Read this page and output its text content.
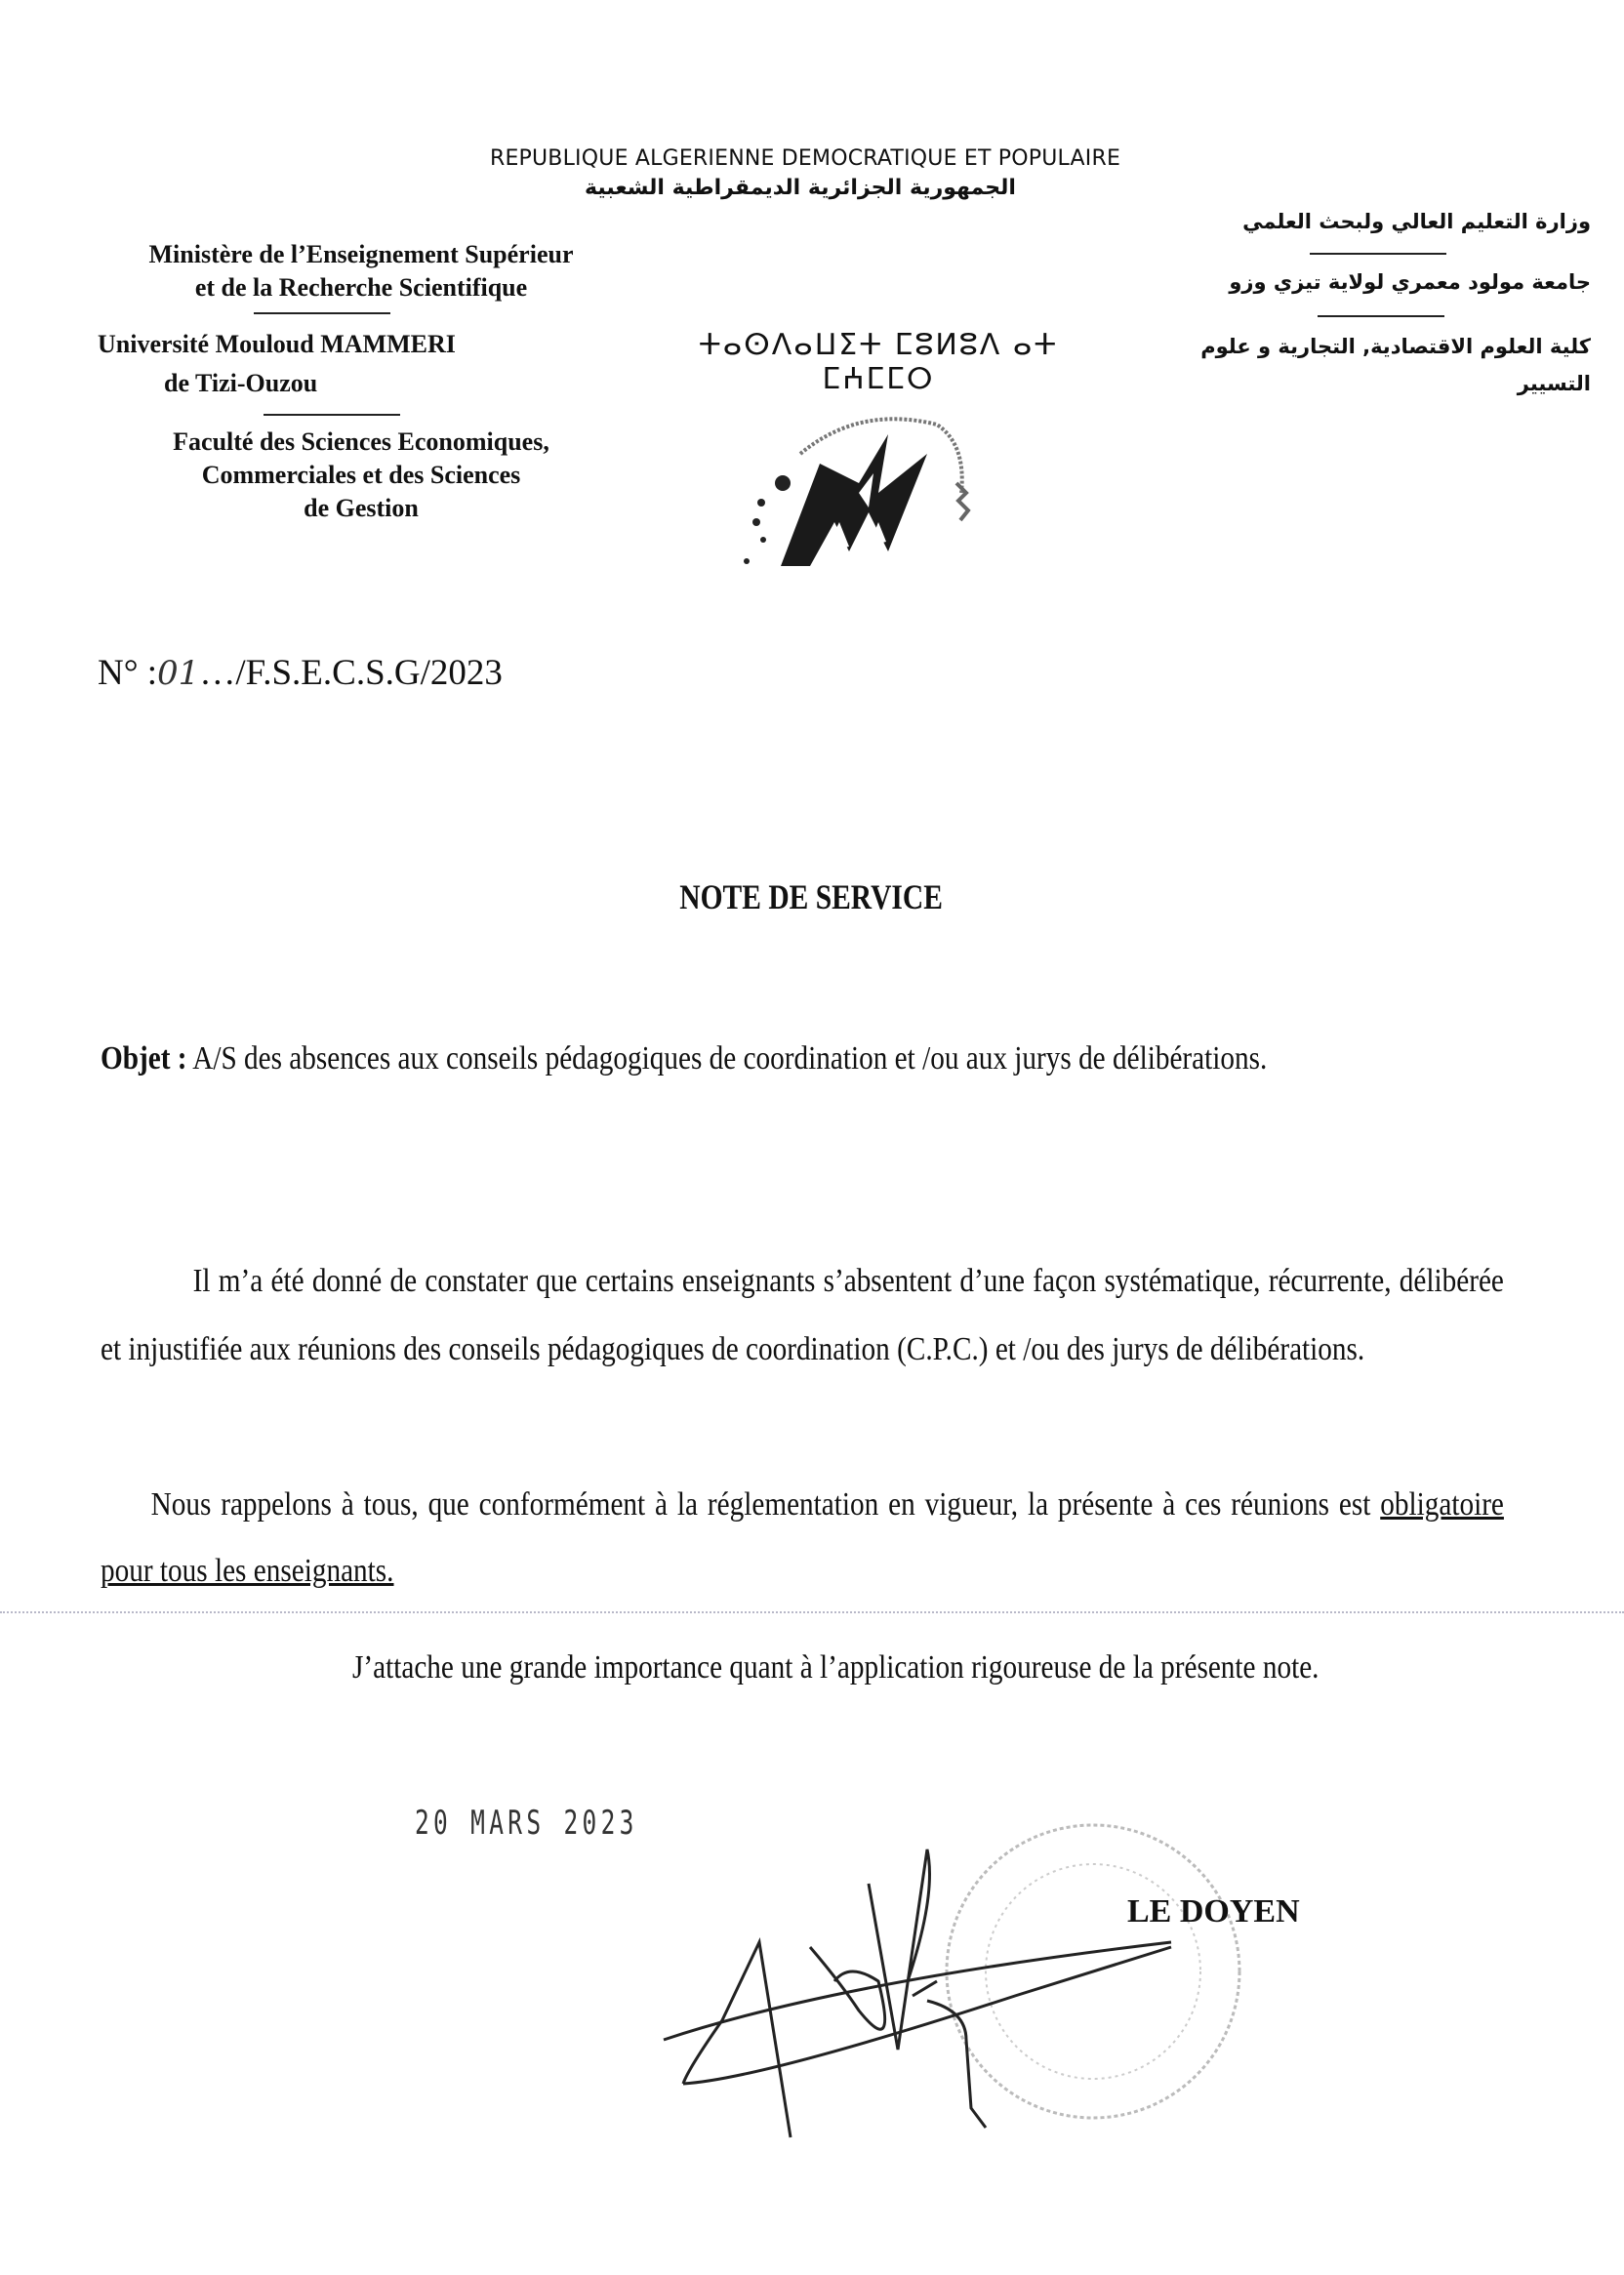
REPUBLIQUE ALGERIENNE DEMOCRATIQUE ET POPULAIRE
الجمهورية الجزائرية الديمقراطية الشعبية
Ministère de l’Enseignement Supérieur
et de la Recherche Scientifique
Université Mouloud MAMMERI
de Tizi-Ouzou
Faculté des Sciences Economiques,
Commerciales et des Sciences
de Gestion
وزارة التعليم العالي ولبحث العلمي
جامعة مولود معمري لولاية تيزي وزو
كلية العلوم الاقتصادية, التجارية و علوم
التسيير
ⵜⴰⵙⴷⴰⵡⵉⵜ ⵎⵓⵍⵓⴷ ⴰⵜ ⵎⵄⵎⵎⵔ
N° :01…/F.S.E.C.S.G/2023
NOTE DE SERVICE

Objet : A/S des absences aux conseils pédagogiques de coordination et /ou aux jurys de délibérations.

Il m’a été donné de constater que certains enseignants s’absentent d’une façon systématique, récurrente, délibérée et injustifiée aux réunions des conseils pédagogiques de coordination (C.P.C.) et /ou des jurys de délibérations.

Nous rappelons à tous, que conformément à la réglementation en vigueur, la présente à ces réunions est obligatoire pour tous les enseignants.

J’attache une grande importance quant à l’application rigoureuse de la présente note.

20 MARS 2023
LE DOYEN
